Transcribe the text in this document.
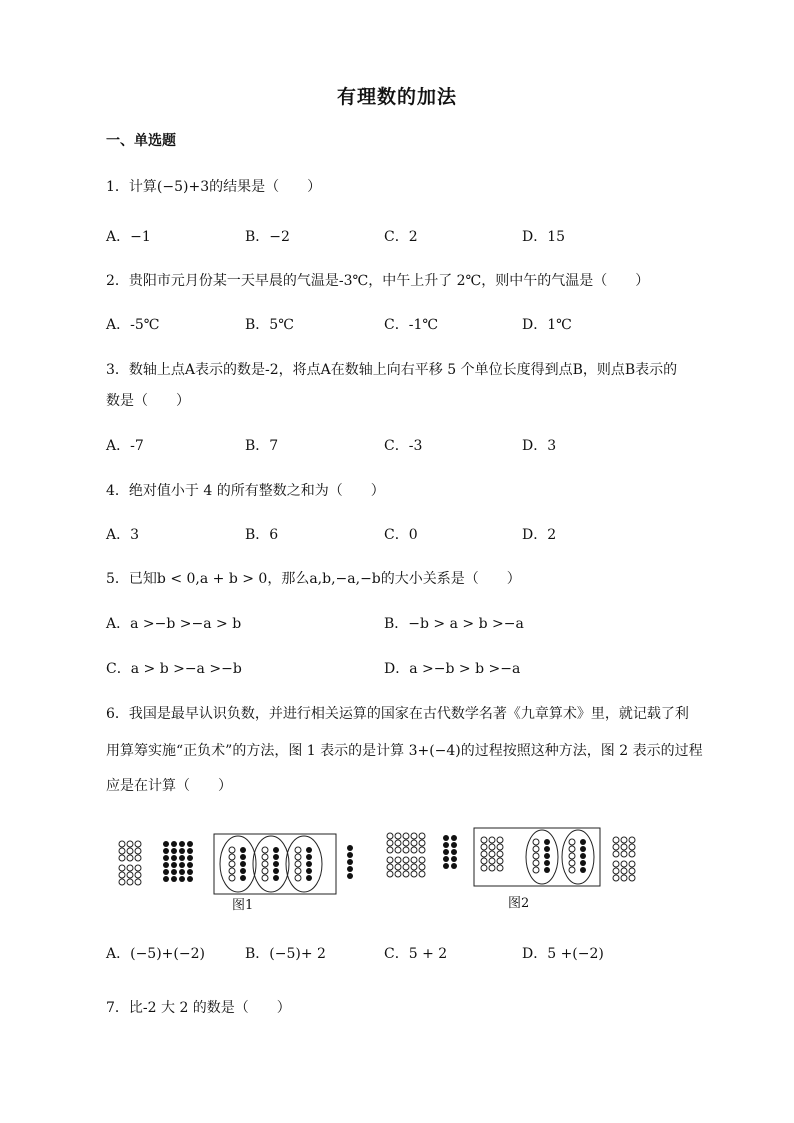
有理数的加法
一、单选题
1．计算(−5)+3的结果是（　　）
A．−1	B．−2	C．2	D．15
2．贵阳市元月份某一天早晨的气温是-3℃，中午上升了 2℃，则中午的气温是（　　）
A．-5℃	B．5℃	C．-1℃	D．1℃
3．数轴上点A表示的数是-2，将点A在数轴上向右平移 5 个单位长度得到点B，则点B表示的
数是（　　）
A．-7	B．7	C．-3	D．3
4．绝对值小于 4 的所有整数之和为（　　）
A．3	B．6	C．0	D．2
5．已知b < 0,a + b > 0，那么a,b,−a,−b的大小关系是（　　）
A．a >−b >−a > b	B．−b > a > b >−a
C．a > b >−a >−b	D．a >−b > b >−a
6．我国是最早认识负数，并进行相关运算的国家在古代数学名著《九章算术》里，就记载了利
用算筹实施“正负术”的方法，图 1 表示的是计算 3+(−4)的过程按照这种方法，图 2 表示的过程
应是在计算（　　）
图1	图2
A．(−5)+(−2)	B．(−5)+ 2	C．5 + 2	D．5 +(−2)
7．比-2 大 2 的数是（　　）
